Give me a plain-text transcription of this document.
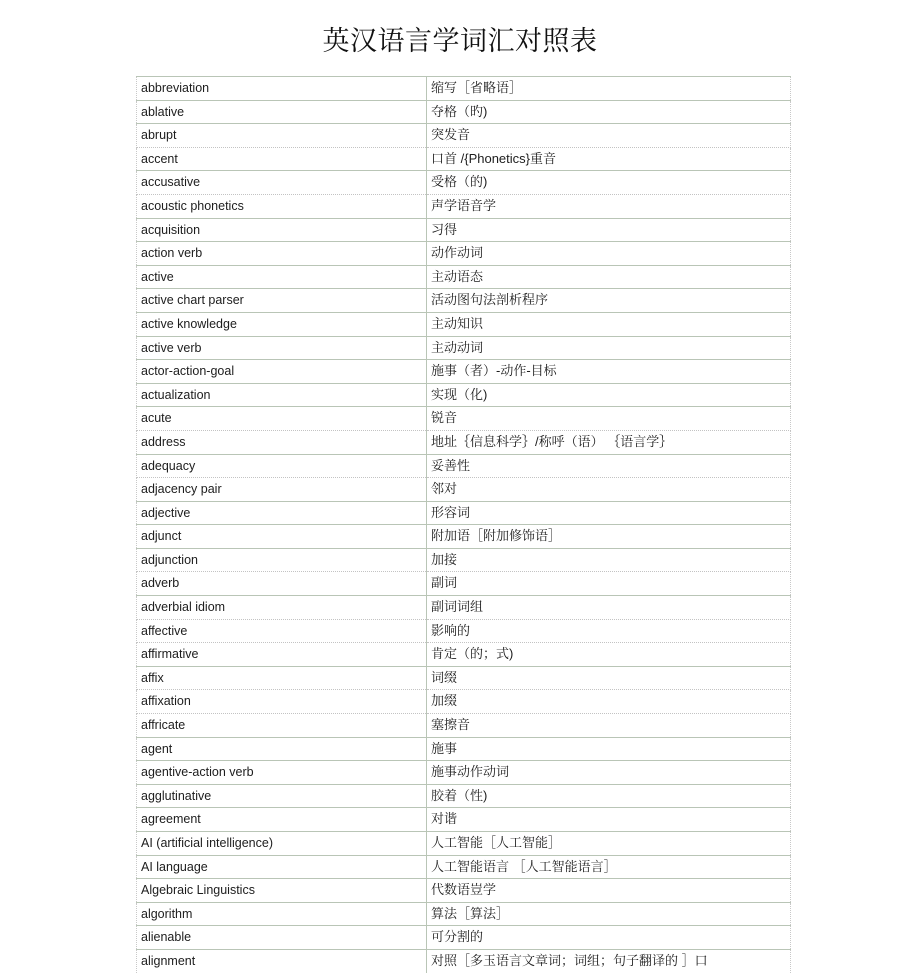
英汉语言学词汇对照表
abbreviation	缩写［省略语］
ablative	夺格（旳)
abrupt	突发音
accent	口首 /{Phonetics}重音
accusative	受格（的)
acoustic phonetics	声学语音学
acquisition	习得
action verb	动作动词
active	主动语态
active chart parser	活动图句法剖析程序
active knowledge	主动知识
active verb	主动动词
actor-action-goal	施事（者）-动作-目标
actualization	实现（化)
acute	锐音
address	地址｛信息科学｝/称呼（语） ｛语言学｝
adequacy	妥善性
adjacency pair	邻对
adjective	形容词
adjunct	附加语［附加修饰语］
adjunction	加接
adverb	副词
adverbial idiom	副词词组
affective	影响的
affirmative	肯定（的；式)
affix	词缀
affixation	加缀
affricate	塞擦音
agent	施事
agentive-action verb	施事动作动词
agglutinative	胶着（性)
agreement	对谐
AI (artificial intelligence)	人工智能［人工智能］
AI language	人工智能语言 ［人工智能语言］
Algebraic Linguistics	代数语豈学
algorithm	算法［算法］
alienable	可分割的
alignment	对照［多玉语言文章词；词组；句子翻译的 ］口
